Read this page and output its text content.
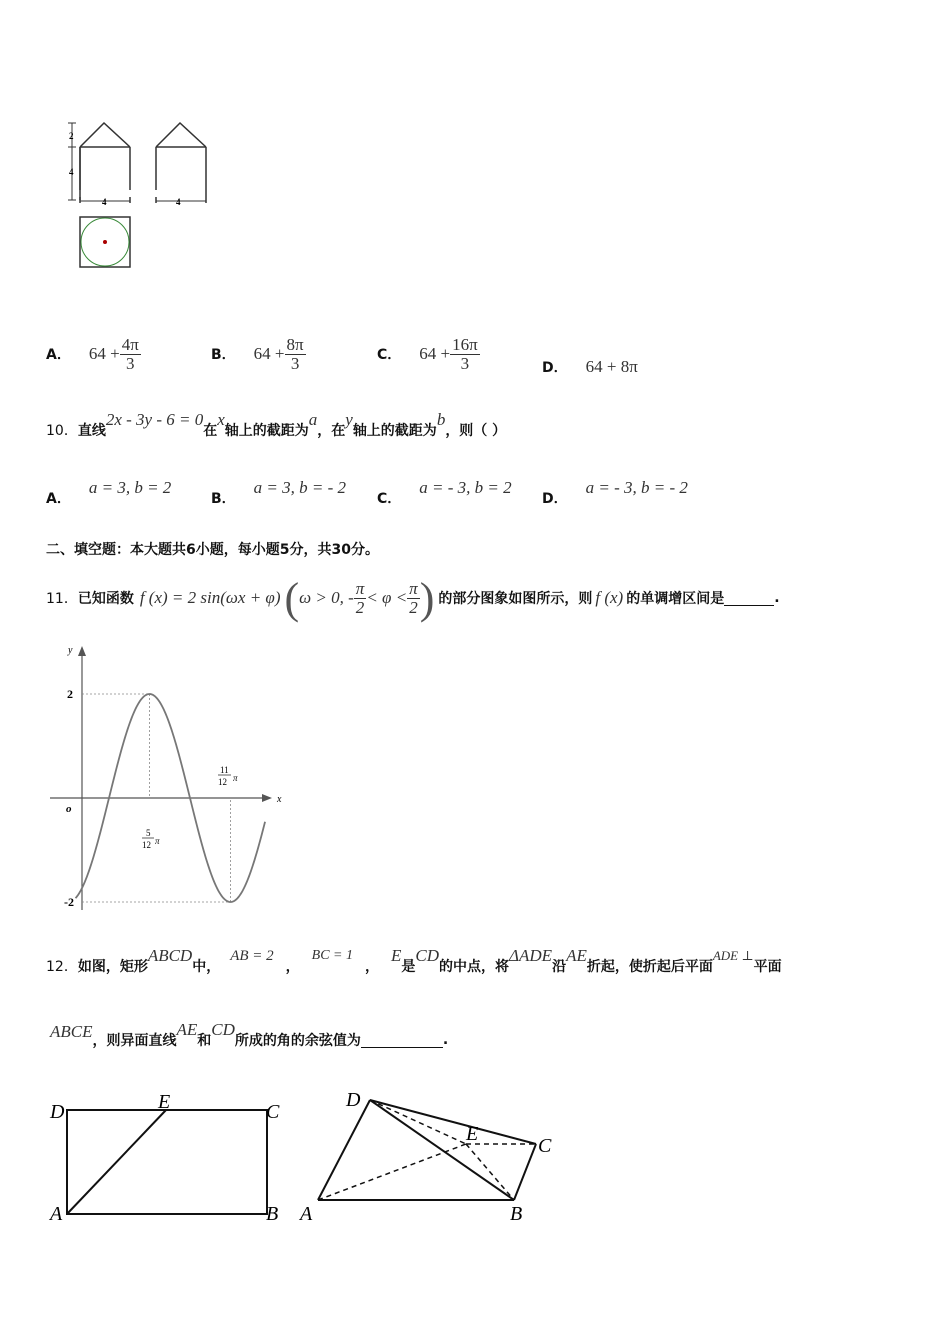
2
4
4	4
A． $64 + \frac{4\pi}{3}$	B． $64 + \frac{8\pi}{3}$	C． $64 + \frac{16\pi}{3}$	D． 64 + 8π
10． 直线
2x - 3y - 6 = 0
在
x
轴上的截距为
a
，在
y
轴上的截距为
b
，则（ ）
A．
a = 3, b = 2
B．
a = 3, b = - 2
C．
a = - 3, b = 2
D．
a = - 3, b = - 2
二、填空题：本大题共6小题，每小题5分，共30分。
11． 已知函数 f (x) = 2 sin(ωx + φ) ( ω > 0, - $\frac{\pi}{2} < \varphi < \frac{\pi}{2}$ ) 的部分图象如图所示，则 f (x) 的单调增区间是	.
y
x
o
2
-2
5
12 π
11
12 π
12． 如图，矩形
ABCD
中，
AB = 2
，
BC = 1
，
E
是
CD
的中点，将
ΔADE
沿
AE
折起，使折起后平面
ADE ⊥
平面
ABCE ，则异面直线
AE
和
CD
所成的角的余弦值为	.
D	E	C
A	B
D
E
C
A	B
